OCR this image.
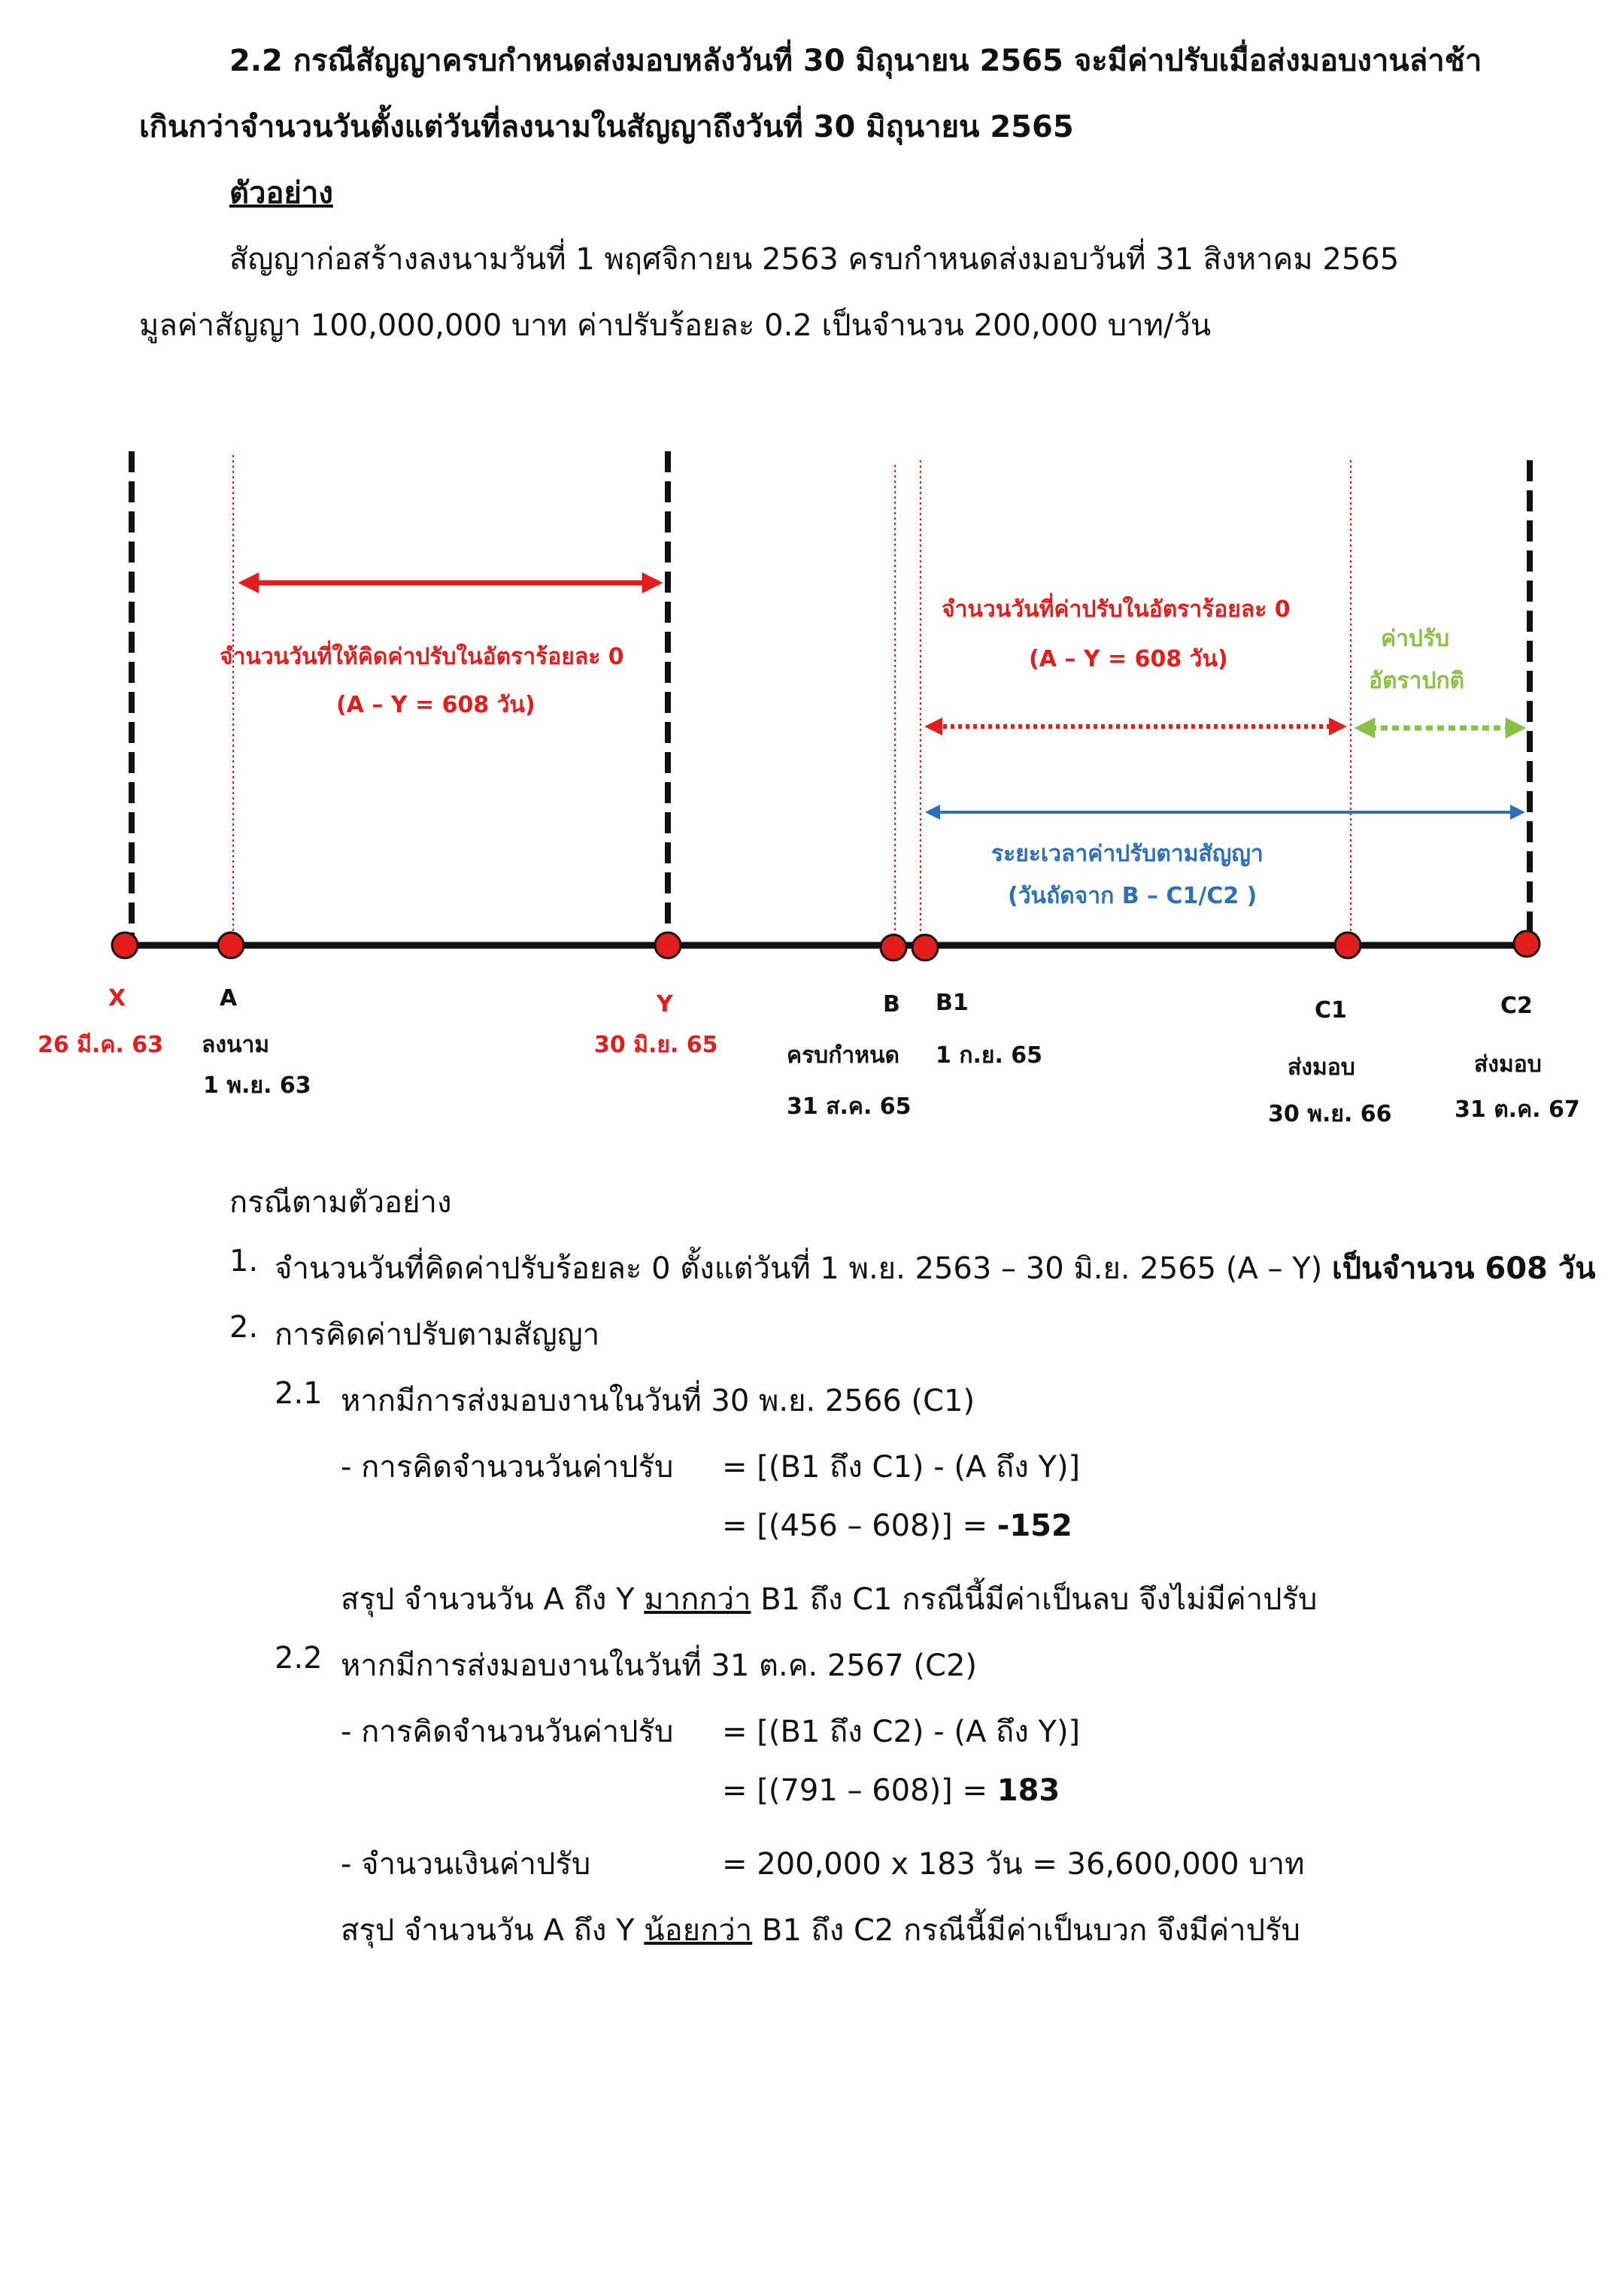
2.2 กรณีสัญญาครบกำหนดส่งมอบหลังวันที่ 30 มิถุนายน 2565 จะมีค่าปรับเมื่อส่งมอบงานล่าช้า
เกินกว่าจำนวนวันตั้งแต่วันที่ลงนามในสัญญาถึงวันที่ 30 มิถุนายน 2565
ตัวอย่าง
สัญญาก่อสร้างลงนามวันที่ 1 พฤศจิกายน 2563 ครบกำหนดส่งมอบวันที่ 31 สิงหาคม 2565
มูลค่าสัญญา 100,000,000 บาท ค่าปรับร้อยละ 0.2 เป็นจำนวน 200,000 บาท/วัน
จำนวนวันที่ให้คิดค่าปรับในอัตราร้อยละ 0
(A – Y = 608 วัน)
จำนวนวันที่ค่าปรับในอัตราร้อยละ 0
(A – Y = 608 วัน)
ค่าปรับ
อัตราปกติ
ระยะเวลาค่าปรับตามสัญญา
(วันถัดจาก B – C1/C2 )
X
26 มี.ค. 63
A
ลงนาม
1 พ.ย. 63
Y
30 มิ.ย. 65
B
ครบกำหนด
31 ส.ค. 65
B1
1 ก.ย. 65
C1
ส่งมอบ
30 พ.ย. 66
C2
ส่งมอบ
31 ต.ค. 67
กรณีตามตัวอย่าง
1. จำนวนวันที่คิดค่าปรับร้อยละ 0 ตั้งแต่วันที่ 1 พ.ย. 2563 – 30 มิ.ย. 2565 (A – Y) เป็นจำนวน 608 วัน
2. การคิดค่าปรับตามสัญญา
2.1 หากมีการส่งมอบงานในวันที่ 30 พ.ย. 2566 (C1)
- การคิดจำนวนวันค่าปรับ = [(B1 ถึง C1) - (A ถึง Y)]
= [(456 – 608)] = -152
สรุป จำนวนวัน A ถึง Y มากกว่า B1 ถึง C1 กรณีนี้มีค่าเป็นลบ จึงไม่มีค่าปรับ
2.2 หากมีการส่งมอบงานในวันที่ 31 ต.ค. 2567 (C2)
- การคิดจำนวนวันค่าปรับ = [(B1 ถึง C2) - (A ถึง Y)]
= [(791 – 608)] = 183
- จำนวนเงินค่าปรับ	= 200,000 x 183 วัน = 36,600,000 บาท
สรุป จำนวนวัน A ถึง Y น้อยกว่า B1 ถึง C2 กรณีนี้มีค่าเป็นบวก จึงมีค่าปรับ
